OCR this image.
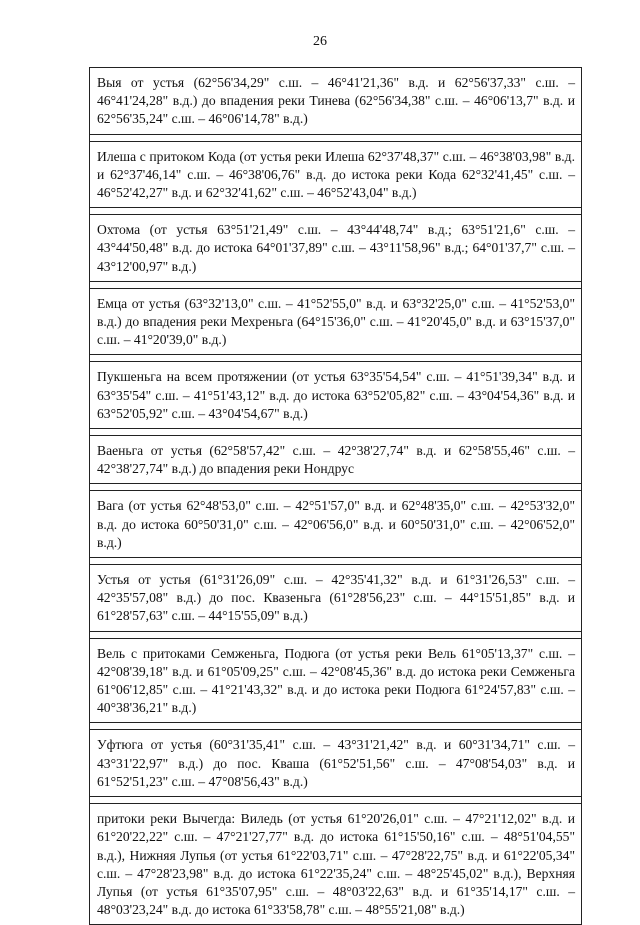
26
Выя от устья (62°56'34,29" с.ш. – 46°41'21,36" в.д. и 62°56'37,33" с.ш. – 46°41'24,28" в.д.) до впадения реки Тинева (62°56'34,38" с.ш. – 46°06'13,7" в.д. и 62°56'35,24" с.ш. – 46°06'14,78" в.д.)
Илеша с притоком Кода (от устья реки Илеша 62°37'48,37" с.ш. – 46°38'03,98" в.д. и 62°37'46,14" с.ш. – 46°38'06,76" в.д. до истока реки Кода 62°32'41,45" с.ш. – 46°52'42,27" в.д. и 62°32'41,62" с.ш. – 46°52'43,04" в.д.)
Охтома (от устья 63°51'21,49" с.ш. – 43°44'48,74" в.д.; 63°51'21,6" с.ш. – 43°44'50,48" в.д. до истока 64°01'37,89" с.ш. – 43°11'58,96" в.д.; 64°01'37,7" с.ш. – 43°12'00,97" в.д.)
Емца от устья (63°32'13,0" с.ш. – 41°52'55,0" в.д. и 63°32'25,0" с.ш. – 41°52'53,0" в.д.) до впадения реки Мехреньга (64°15'36,0" с.ш. – 41°20'45,0" в.д. и 63°15'37,0" с.ш. – 41°20'39,0" в.д.)
Пукшеньга на всем протяжении (от устья 63°35'54,54" с.ш. – 41°51'39,34" в.д. и 63°35'54" с.ш. – 41°51'43,12" в.д. до истока 63°52'05,82" с.ш. – 43°04'54,36" в.д. и 63°52'05,92" с.ш. – 43°04'54,67" в.д.)
Ваеньга от устья (62°58'57,42" с.ш. – 42°38'27,74" в.д. и 62°58'55,46" с.ш. – 42°38'27,74" в.д.) до впадения реки Нондрус
Вага (от устья 62°48'53,0" с.ш. – 42°51'57,0" в.д. и 62°48'35,0" с.ш. – 42°53'32,0" в.д. до истока 60°50'31,0" с.ш. – 42°06'56,0" в.д. и 60°50'31,0" с.ш. – 42°06'52,0" в.д.)
Устья от устья (61°31'26,09" с.ш. – 42°35'41,32" в.д. и 61°31'26,53" с.ш. – 42°35'57,08" в.д.) до пос. Квазеньга (61°28'56,23" с.ш. – 44°15'51,85" в.д. и 61°28'57,63" с.ш. – 44°15'55,09" в.д.)
Вель с притоками Семженьга, Подюга (от устья реки Вель 61°05'13,37" с.ш. – 42°08'39,18" в.д. и 61°05'09,25" с.ш. – 42°08'45,36" в.д. до истока реки Семженьга 61°06'12,85" с.ш. – 41°21'43,32" в.д. и до истока реки Подюга 61°24'57,83" с.ш. – 40°38'36,21" в.д.)
Уфтюга от устья (60°31'35,41" с.ш. – 43°31'21,42" в.д. и 60°31'34,71" с.ш. – 43°31'22,97" в.д.) до пос. Кваша (61°52'51,56" с.ш. – 47°08'54,03" в.д. и 61°52'51,23" с.ш. – 47°08'56,43" в.д.)
притоки реки Вычегда: Виледь (от устья 61°20'26,01" с.ш. – 47°21'12,02" в.д. и 61°20'22,22" с.ш. – 47°21'27,77" в.д. до истока 61°15'50,16" с.ш. – 48°51'04,55" в.д.), Нижняя Лупья (от устья 61°22'03,71" с.ш. – 47°28'22,75" в.д. и 61°22'05,34" с.ш. – 47°28'23,98" в.д. до истока 61°22'35,24" с.ш. – 48°25'45,02" в.д.), Верхняя Лупья (от устья 61°35'07,95" с.ш. – 48°03'22,63" в.д. и 61°35'14,17" с.ш. – 48°03'23,24" в.д. до истока 61°33'58,78" с.ш. – 48°55'21,08" в.д.)
